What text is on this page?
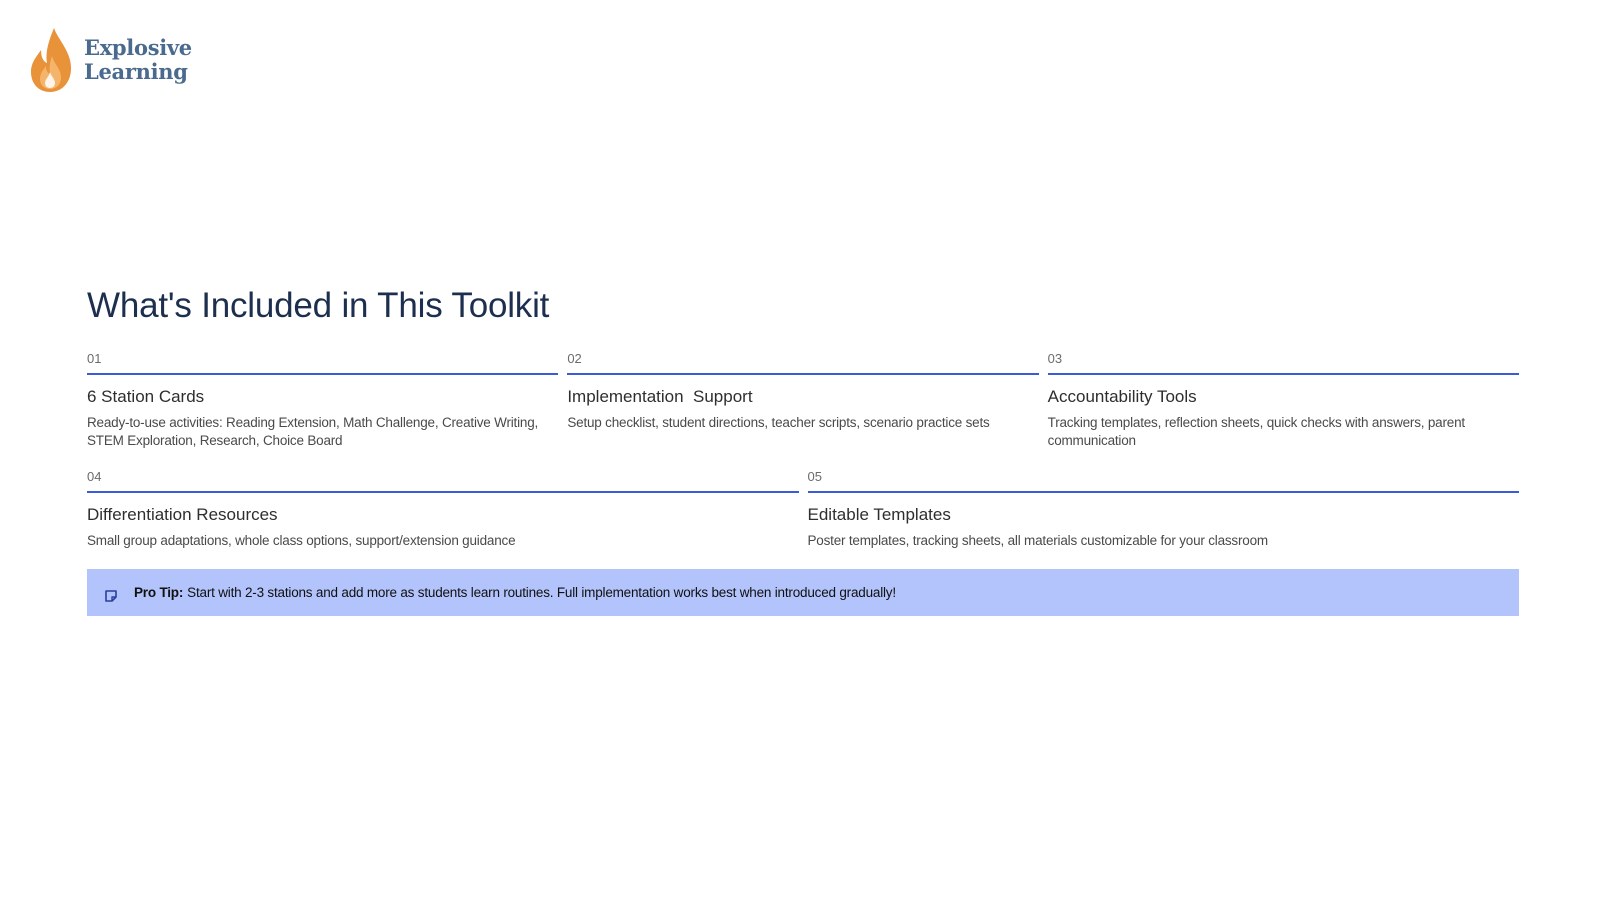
Explosive
Learning
What's Included in This Toolkit
01
6 Station Cards
Ready-to-use activities: Reading Extension, Math Challenge, Creative Writing, STEM Exploration, Research, Choice Board
02
Implementation  Support
Setup checklist, student directions, teacher scripts, scenario practice sets
03
Accountability Tools
Tracking templates, reflection sheets, quick checks with answers, parent communication
04
Differentiation Resources
Small group adaptations, whole class options, support/extension guidance
05
Editable Templates
Poster templates, tracking sheets, all materials customizable for your classroom
Pro Tip: Start with 2-3 stations and add more as students learn routines. Full implementation works best when introduced gradually!
